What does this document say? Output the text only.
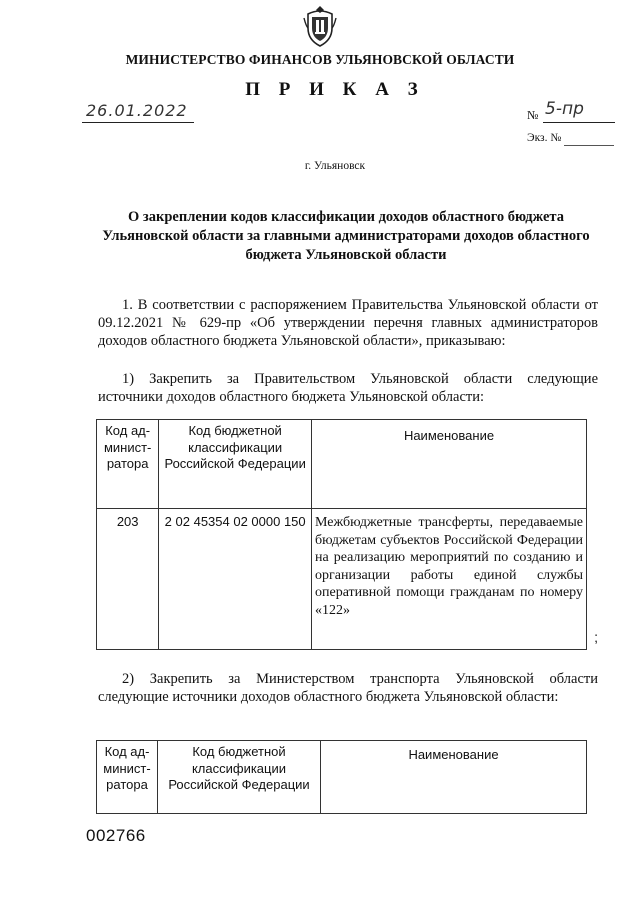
МИНИСТЕРСТВО ФИНАНСОВ УЛЬЯНОВСКОЙ ОБЛАСТИ
П Р И К А З
26.01.2022	№ 5-пр
Экз. №
г. Ульяновск
О закреплении кодов классификации доходов областного бюджета Ульяновской области за главными администраторами доходов областного бюджета Ульяновской области
1. В соответствии с распоряжением Правительства Ульяновской области от 09.12.2021 № 629-пр «Об утверждении перечня главных администраторов доходов областного бюджета Ульяновской области», приказываю:
1) Закрепить за Правительством Ульяновской области следующие источники доходов областного бюджета Ульяновской области:
Код ад-миниcт-ратора	Код бюджетной классификации Российской Федерации	Наименование
203	2 02 45354 02 0000 150	Межбюджетные трансферты, передаваемые бюджетам субъектов Российской Федерации на реализацию мероприятий по созданию и организации работы единой службы оперативной помощи гражданам по номеру «122»
;
2) Закрепить за Министерством транспорта Ульяновской области следующие источники доходов областного бюджета Ульяновской области:
Код ад-миниcт-ратора	Код бюджетной классификации Российской Федерации	Наименование
002766
